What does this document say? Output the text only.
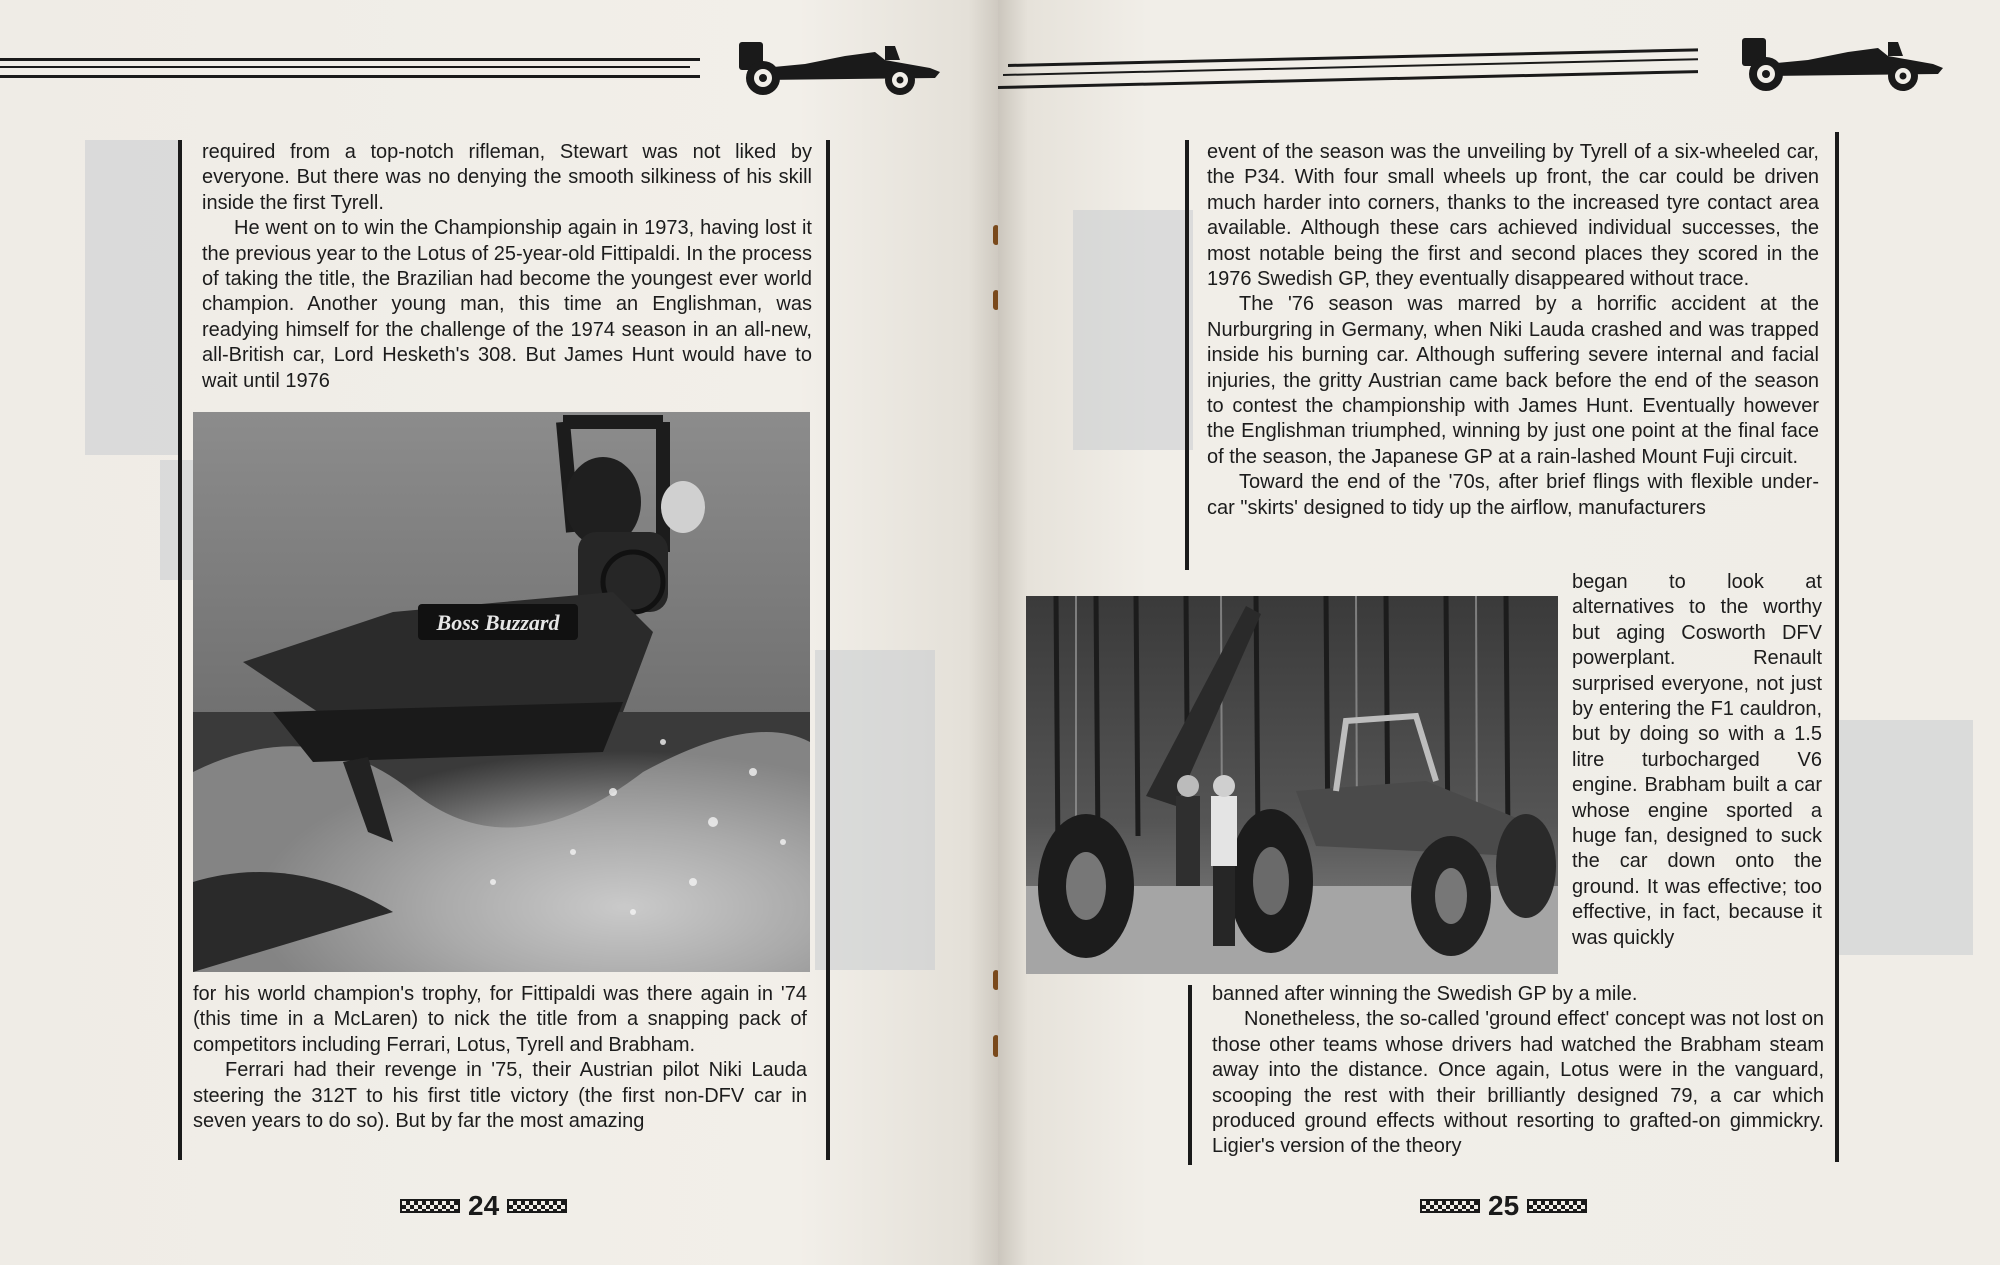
required from a top-notch rifleman, Stewart was not liked by everyone. But there was no denying the smooth silkiness of his skill inside the first Tyrell.

He went on to win the Championship again in 1973, having lost it the previous year to the Lotus of 25-year-old Fittipaldi. In the process of taking the title, the Brazilian had become the youngest ever world champion. Another young man, this time an Englishman, was readying himself for the challenge of the 1974 season in an all-new, all-British car, Lord Hesketh's 308. But James Hunt would have to wait until 1976

Boss Buzzard

for his world champion's trophy, for Fittipaldi was there again in '74 (this time in a McLaren) to nick the title from a snapping pack of competitors including Ferrari, Lotus, Tyrell and Brabham.

Ferrari had their revenge in '75, their Austrian pilot Niki Lauda steering the 312T to his first title victory (the first non-DFV car in seven years to do so). But by far the most amazing

24

event of the season was the unveiling by Tyrell of a six-wheeled car, the P34. With four small wheels up front, the car could be driven much harder into corners, thanks to the increased tyre contact area available. Although these cars achieved individual successes, the most notable being the first and second places they scored in the 1976 Swedish GP, they eventually disappeared without trace.

The '76 season was marred by a horrific accident at the Nurburgring in Germany, when Niki Lauda crashed and was trapped inside his burning car. Although suffering severe internal and facial injuries, the gritty Austrian came back before the end of the season to contest the championship with James Hunt. Eventually however the Englishman triumphed, winning by just one point at the final face of the season, the Japanese GP at a rain-lashed Mount Fuji circuit.

Toward the end of the '70s, after brief flings with flexible under-car "skirts' designed to tidy up the airflow, manufacturers

began to look at alternatives to the worthy but aging Cosworth DFV powerplant. Renault surprised everyone, not just by entering the F1 cauldron, but by doing so with a 1.5 litre turbocharged V6 engine. Brabham built a car whose engine sported a huge fan, designed to suck the car down onto the ground. It was effective; too effective, in fact, because it was quickly

banned after winning the Swedish GP by a mile.

Nonetheless, the so-called 'ground effect' concept was not lost on those other teams whose drivers had watched the Brabham steam away into the distance. Once again, Lotus were in the vanguard, scooping the rest with their brilliantly designed 79, a car which produced ground effects without resorting to grafted-on gimmickry. Ligier's version of the theory

25
